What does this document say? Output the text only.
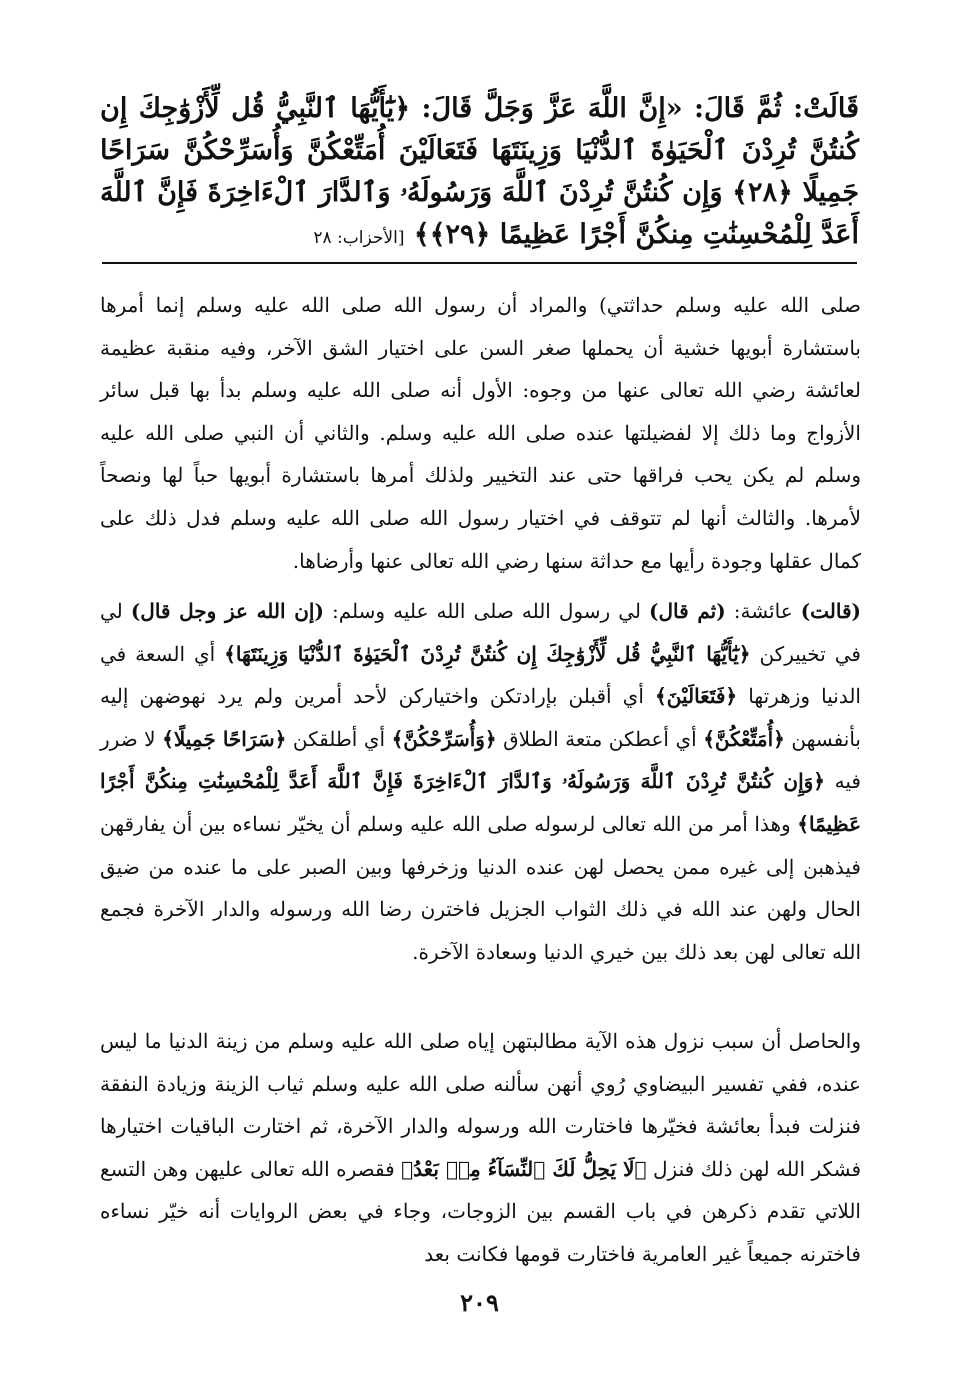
قَالَتْ: ثُمَّ قَالَ: «إِنَّ اللَّهَ عَزَّ وَجَلَّ قَالَ: ﴿يَٰٓأَيُّهَا ٱلنَّبِيُّ قُل لِّأَزْوَٰجِكَ إِن كُنتُنَّ تُرِدْنَ ٱلْحَيَوٰةَ ٱلدُّنْيَا وَزِينَتَهَا فَتَعَالَيْنَ أُمَتِّعْكُنَّ وَأُسَرِّحْكُنَّ سَرَاحًا جَمِيلًا ﴿٢٨﴾ وَإِن كُنتُنَّ تُرِدْنَ ٱللَّهَ وَرَسُولَهُۥ وَٱلدَّارَ ٱلْءَاخِرَةَ فَإِنَّ ٱللَّهَ أَعَدَّ لِلْمُحْسِنَٰتِ مِنكُنَّ أَجْرًا عَظِيمًا ﴿٢٩﴾﴾ [الأحزاب: ٢٨
صلى الله عليه وسلم حداثتي) والمراد أن رسول الله صلى الله عليه وسلم إنما أمرها باستشارة أبويها خشية أن يحملها صغر السن على اختيار الشق الآخر، وفيه منقبة عظيمة لعائشة رضي الله تعالى عنها من وجوه: الأول أنه صلى الله عليه وسلم بدأ بها قبل سائر الأزواج وما ذلك إلا لفضيلتها عنده صلى الله عليه وسلم. والثاني أن النبي صلى الله عليه وسلم لم يكن يحب فراقها حتى عند التخيير ولذلك أمرها باستشارة أبويها حباً لها ونصحاً لأمرها. والثالث أنها لم تتوقف في اختيار رسول الله صلى الله عليه وسلم فدل ذلك على كمال عقلها وجودة رأيها مع حداثة سنها رضي الله تعالى عنها وأرضاها.
(قالت) عائشة: (ثم قال) لي رسول الله صلى الله عليه وسلم: (إن الله عز وجل قال) لي في تخييركن ﴿يَٰٓأَيُّهَا ٱلنَّبِيُّ قُل لِّأَزْوَٰجِكَ إِن كُنتُنَّ تُرِدْنَ ٱلْحَيَوٰةَ ٱلدُّنْيَا وَزِينَتَهَا﴾ أي السعة في الدنيا وزهرتها ﴿فَتَعَالَيْنَ﴾ أي أقبلن بإرادتكن واختياركن لأحد أمرين ولم يرد نهوضهن إليه بأنفسهن ﴿أُمَتِّعْكُنَّ﴾ أي أعطكن متعة الطلاق ﴿وَأُسَرِّحْكُنَّ﴾ أي أطلقكن ﴿سَرَاحًا جَمِيلًا﴾ لا ضرر فيه ﴿وَإِن كُنتُنَّ تُرِدْنَ ٱللَّهَ وَرَسُولَهُۥ وَٱلدَّارَ ٱلْءَاخِرَةَ فَإِنَّ ٱللَّهَ أَعَدَّ لِلْمُحْسِنَٰتِ مِنكُنَّ أَجْرًا عَظِيمًا﴾ وهذا أمر من الله تعالى لرسوله صلى الله عليه وسلم أن يخيّر نساءه بين أن يفارقهن فيذهبن إلى غيره ممن يحصل لهن عنده الدنيا وزخرفها وبين الصبر على ما عنده من ضيق الحال ولهن عند الله في ذلك الثواب الجزيل فاخترن رضا الله ورسوله والدار الآخرة فجمع الله تعالى لهن بعد ذلك بين خيري الدنيا وسعادة الآخرة.
والحاصل أن سبب نزول هذه الآية مطالبتهن إياه صلى الله عليه وسلم من زينة الدنيا ما ليس عنده، ففي تفسير البيضاوي رُوي أنهن سألنه صلى الله عليه وسلم ثياب الزينة وزيادة النفقة فنزلت فبدأ بعائشة فخيّرها فاختارت الله ورسوله والدار الآخرة، ثم اختارت الباقيات اختيارها فشكر الله لهن ذلك فنزل ﴿لَا يَحِلُّ لَكَ ٱلنِّسَآءُ مِنۢ بَعْدُ﴾ فقصره الله تعالى عليهن وهن التسع اللاتي تقدم ذكرهن في باب القسم بين الزوجات، وجاء في بعض الروايات أنه خيّر نساءه فاخترنه جميعاً غير العامرية فاختارت قومها فكانت بعد
٢٠٩
